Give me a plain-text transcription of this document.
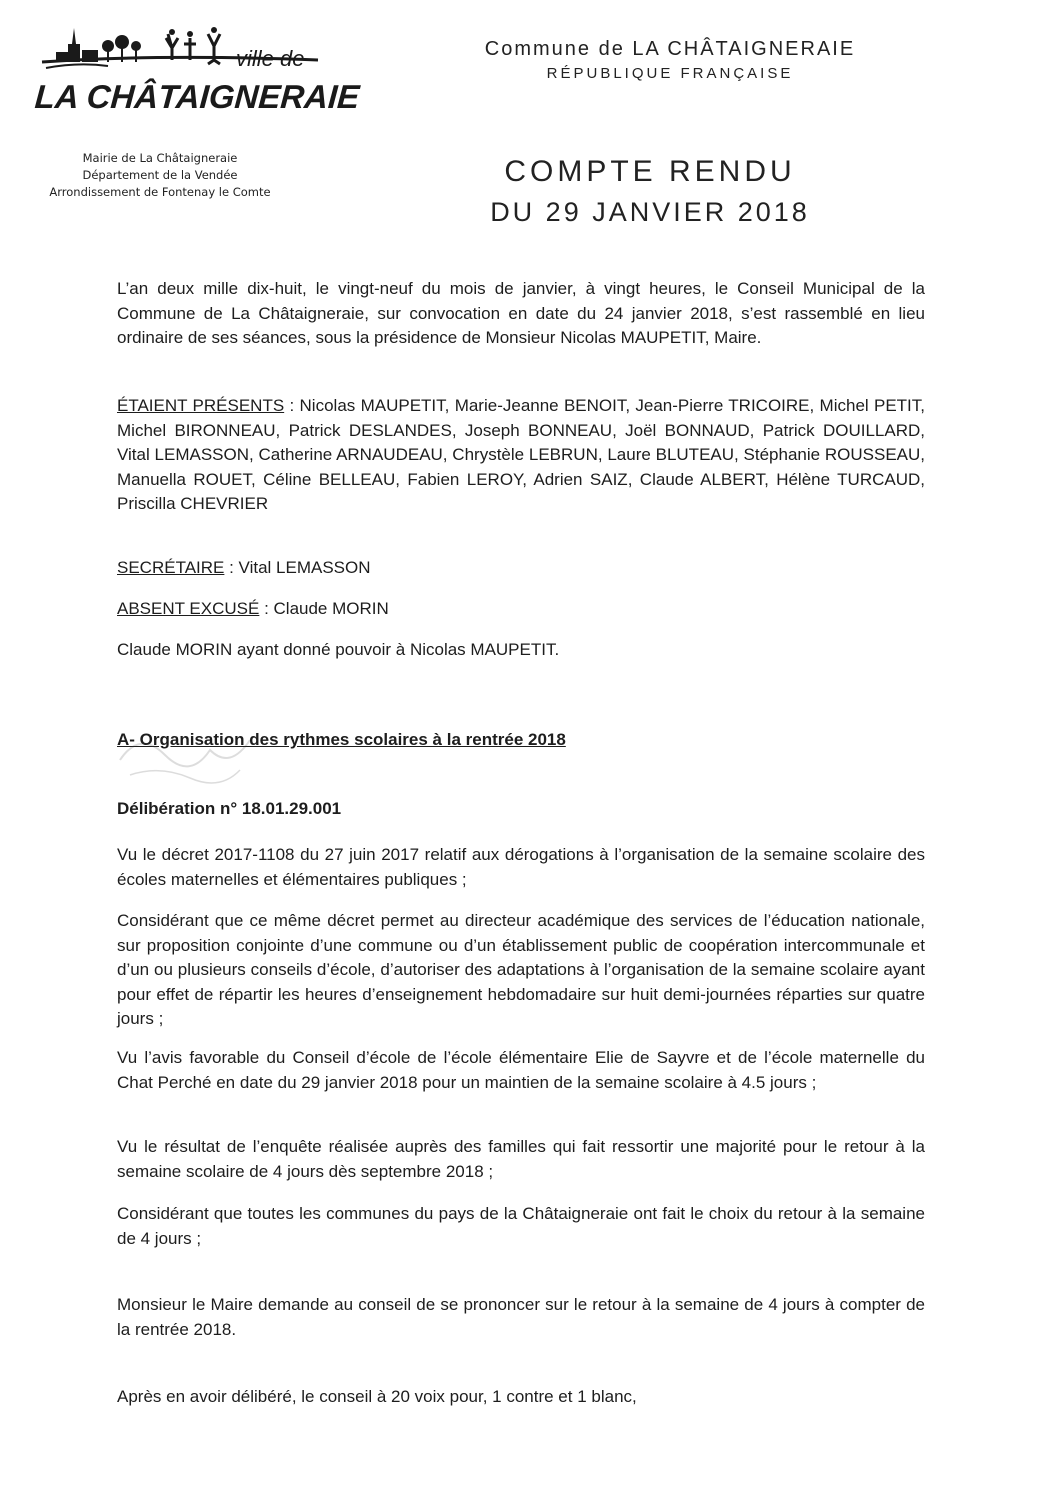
ville de
LA CHÂTAIGNERAIE
Mairie de La Châtaigneraie
Département de la Vendée
Arrondissement de Fontenay le Comte
Commune de LA CHÂTAIGNERAIE
RÉPUBLIQUE FRANÇAISE
COMPTE RENDU
DU 29 JANVIER 2018
L’an deux mille dix-huit, le vingt-neuf du mois de janvier, à vingt heures, le Conseil Municipal de la Commune de La Châtaigneraie, sur convocation en date du 24 janvier 2018, s’est rassemblé en lieu ordinaire de ses séances, sous la présidence de Monsieur Nicolas MAUPETIT, Maire.
ÉTAIENT PRÉSENTS : Nicolas MAUPETIT, Marie-Jeanne BENOIT, Jean-Pierre TRICOIRE, Michel PETIT, Michel BIRONNEAU, Patrick DESLANDES, Joseph BONNEAU, Joël BONNAUD, Patrick DOUILLARD, Vital LEMASSON, Catherine ARNAUDEAU, Chrystèle LEBRUN, Laure BLUTEAU, Stéphanie ROUSSEAU, Manuella ROUET, Céline BELLEAU, Fabien LEROY, Adrien SAIZ, Claude ALBERT, Hélène TURCAUD, Priscilla CHEVRIER
SECRÉTAIRE : Vital LEMASSON
ABSENT EXCUSÉ : Claude MORIN
Claude MORIN ayant donné pouvoir à Nicolas MAUPETIT.
A- Organisation des rythmes scolaires à la rentrée 2018
Délibération n° 18.01.29.001
Vu le décret 2017-1108 du 27 juin 2017 relatif aux dérogations à l’organisation de la semaine scolaire des écoles maternelles et élémentaires publiques ;
Considérant que ce même décret permet au directeur académique des services de l’éducation nationale, sur proposition conjointe d’une commune ou d’un établissement public de coopération intercommunale et d’un ou plusieurs conseils d’école, d’autoriser des adaptations à l’organisation de la semaine scolaire ayant pour effet de répartir les heures d’enseignement hebdomadaire sur huit demi-journées réparties sur quatre jours ;
Vu l’avis favorable du Conseil d’école de l’école élémentaire Elie de Sayvre et de l’école maternelle du Chat Perché en date du 29 janvier 2018 pour un maintien de la semaine scolaire à 4.5 jours ;
Vu le résultat de l’enquête réalisée auprès des familles qui fait ressortir une majorité pour le retour à la semaine scolaire de 4 jours dès septembre 2018 ;
Considérant que toutes les communes du pays de la Châtaigneraie ont fait le choix du retour à la semaine de 4 jours ;
Monsieur le Maire demande au conseil de se prononcer sur le retour à la semaine de 4 jours à compter de la rentrée 2018.
Après en avoir délibéré, le conseil à 20 voix pour, 1 contre et 1 blanc,
